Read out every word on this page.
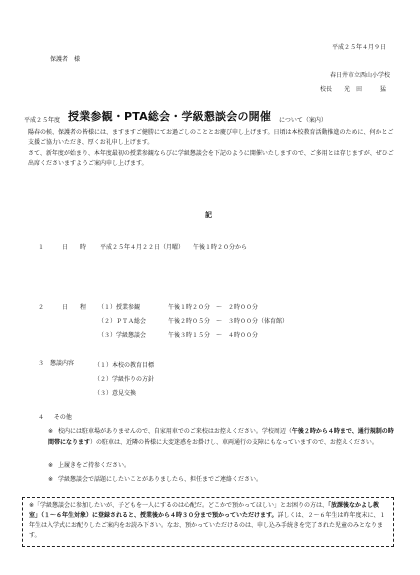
平成２５年４月９日
保護者　様
春日井市立西山小学校
校長　　光　田　　　猛
平成２５年度 授業参観・PTA総会・学級懇談会の開催 について（案内）

陽春の候、保護者の皆様には、ますますご健勝にてお過ごしのこととお慶び申し上げます。日頃は本校教育活動推進のために、何かとご支援ご協力いただき、厚くお礼申し上げます。

さて、新年度が始まり、本年度最初の授業参観ならびに学級懇談会を下記のように開催いたしますので、ご多用とは存じますが、ぜひご出席くださいますようご案内申し上げます。

記
１	日　　時 平成２５年４月２２日（月曜）　　午後１時２０分から
２	日　　程 （１）授業参観	午後１時２０分　～　２時００分
（２）ＰＴＡ総会	午後２時０５分　～　３時００分（体育館）
（３）学級懇談会	午後３時１５分　～　４時００分
３ 懇談内容	（１）本校の教育目標
（２）学級作りの方針
（３）意見交換
４ 　 その他
※ 校内には駐車場がありませんので、自家用車でのご来校はお控えください。学校周辺（午後２時から４時まで、通行規制の時間帯になります）の駐車は、近隣の皆様に大変迷惑をお掛けし、車両通行の支障にもなっていますので、お控えください。
※ 上履きをご持参ください。
※ 学級懇談会で話題にしたいことがありましたら、担任までご連絡ください。
※「学級懇談会に参加したいが、子どもを一人にするのは心配だ。どこかで預かってほしい」とお困りの方は、「放課後なかよし教室」（１～６年生対象）に登録されると、授業後から４時３０分まで預かっていただけます。詳しくは、２～６年生は昨年度末に、１年生は入学式にお配りしたご案内をお読み下さい。なお、預かっていただけるのは、申し込み手続きを完了された児童のみとなります。
